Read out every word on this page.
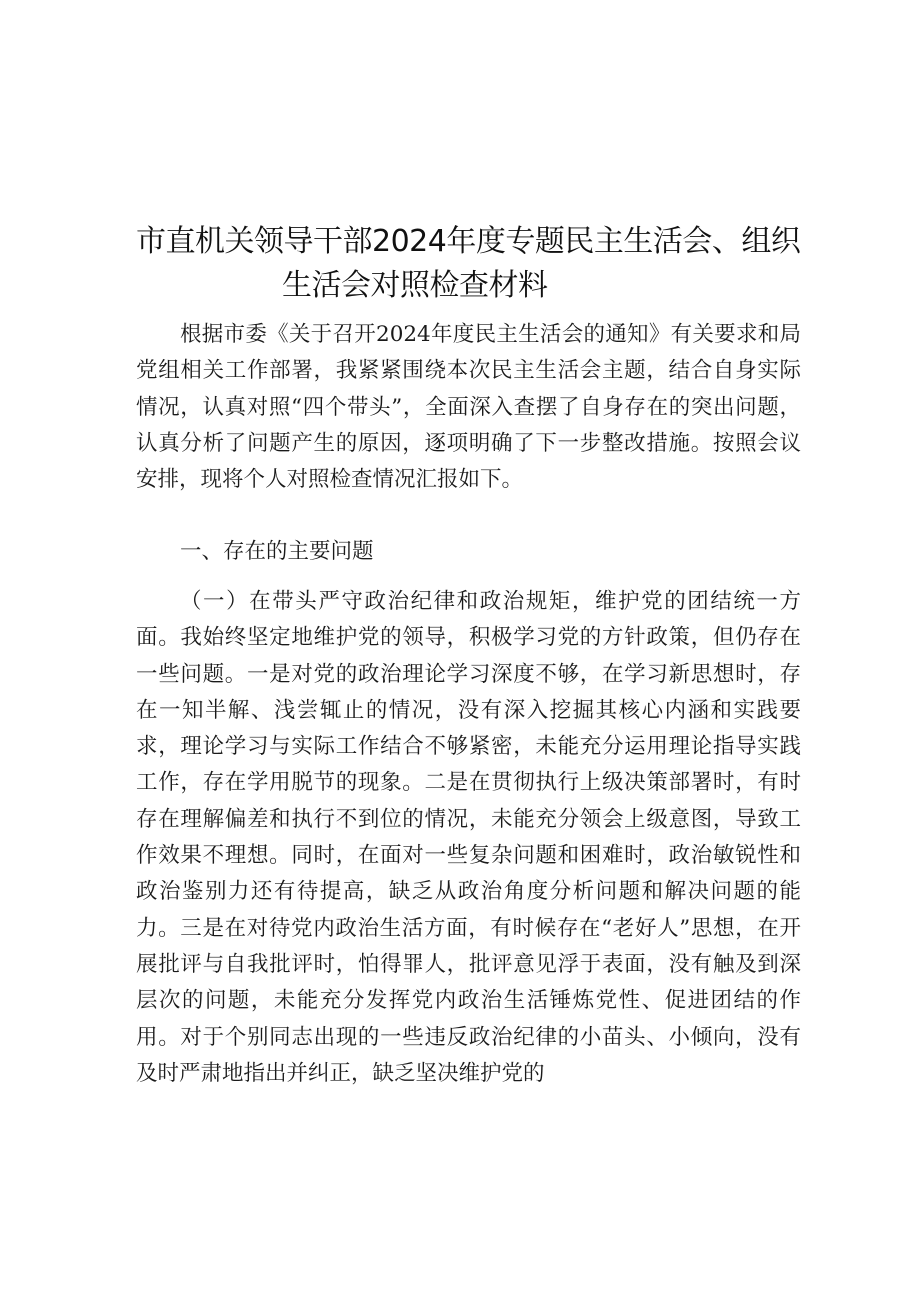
市直机关领导干部2024年度专题民主生活会、组织
生活会对照检查材料
根据市委《关于召开2024年度民主生活会的通知》有关要求和局党组相关工作部署，我紧紧围绕本次民主生活会主题，结合自身实际情况，认真对照“四个带头”，全面深入查摆了自身存在的突出问题，认真分析了问题产生的原因，逐项明确了下一步整改措施。按照会议安排，现将个人对照检查情况汇报如下。
一、存在的主要问题
（一）在带头严守政治纪律和政治规矩，维护党的团结统一方面。我始终坚定地维护党的领导，积极学习党的方针政策，但仍存在一些问题。一是对党的政治理论学习深度不够，在学习新思想时，存在一知半解、浅尝辄止的情况，没有深入挖掘其核心内涵和实践要求，理论学习与实际工作结合不够紧密，未能充分运用理论指导实践工作，存在学用脱节的现象。二是在贯彻执行上级决策部署时，有时存在理解偏差和执行不到位的情况，未能充分领会上级意图，导致工作效果不理想。同时，在面对一些复杂问题和困难时，政治敏锐性和政治鉴别力还有待提高，缺乏从政治角度分析问题和解决问题的能力。三是在对待党内政治生活方面，有时候存在“老好人”思想，在开展批评与自我批评时，怕得罪人，批评意见浮于表面，没有触及到深层次的问题，未能充分发挥党内政治生活锤炼党性、促进团结的作用。对于个别同志出现的一些违反政治纪律的小苗头、小倾向，没有及时严肃地指出并纠正，缺乏坚决维护党的
